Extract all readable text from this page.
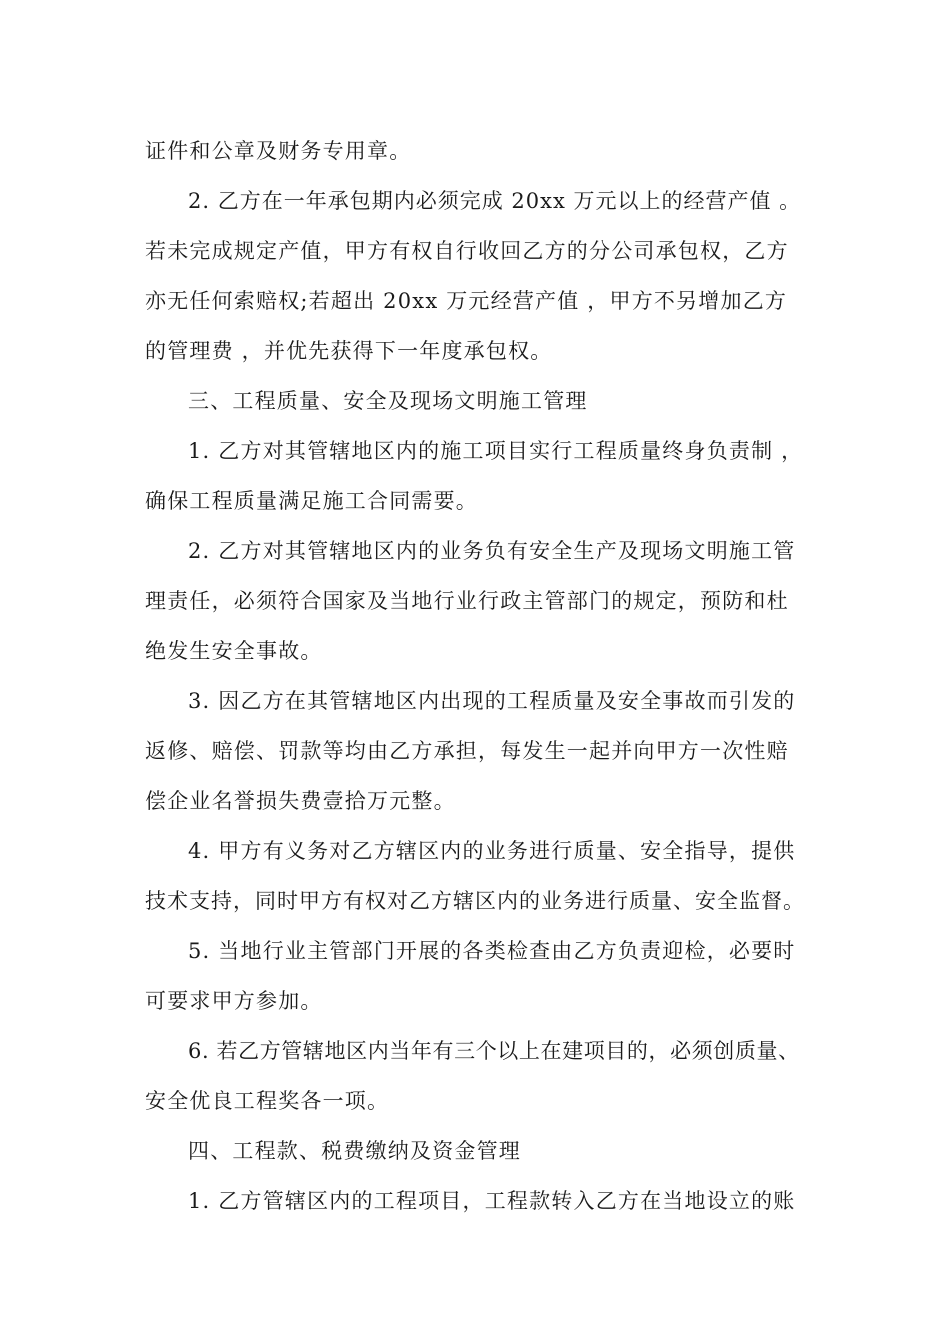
证件和公章及财务专用章。
2. 乙方在一年承包期内必须完成 20xx 万元以上的经营产值 。
若未完成规定产值，甲方有权自行收回乙方的分公司承包权，乙方
亦无任何索赔权;若超出 20xx 万元经营产值 ，甲方不另增加乙方
的管理费 ，并优先获得下一年度承包权。
三、工程质量、安全及现场文明施工管理
1. 乙方对其管辖地区内的施工项目实行工程质量终身负责制 ，
确保工程质量满足施工合同需要。
2. 乙方对其管辖地区内的业务负有安全生产及现场文明施工管
理责任，必须符合国家及当地行业行政主管部门的规定，预防和杜
绝发生安全事故。
3. 因乙方在其管辖地区内出现的工程质量及安全事故而引发的
返修、赔偿、罚款等均由乙方承担，每发生一起并向甲方一次性赔
偿企业名誉损失费壹拾万元整。
4. 甲方有义务对乙方辖区内的业务进行质量、安全指导，提供
技术支持，同时甲方有权对乙方辖区内的业务进行质量、安全监督。
5. 当地行业主管部门开展的各类检查由乙方负责迎检，必要时
可要求甲方参加。
6. 若乙方管辖地区内当年有三个以上在建项目的，必须创质量、
安全优良工程奖各一项。
四、工程款、税费缴纳及资金管理
1. 乙方管辖区内的工程项目，工程款转入乙方在当地设立的账
